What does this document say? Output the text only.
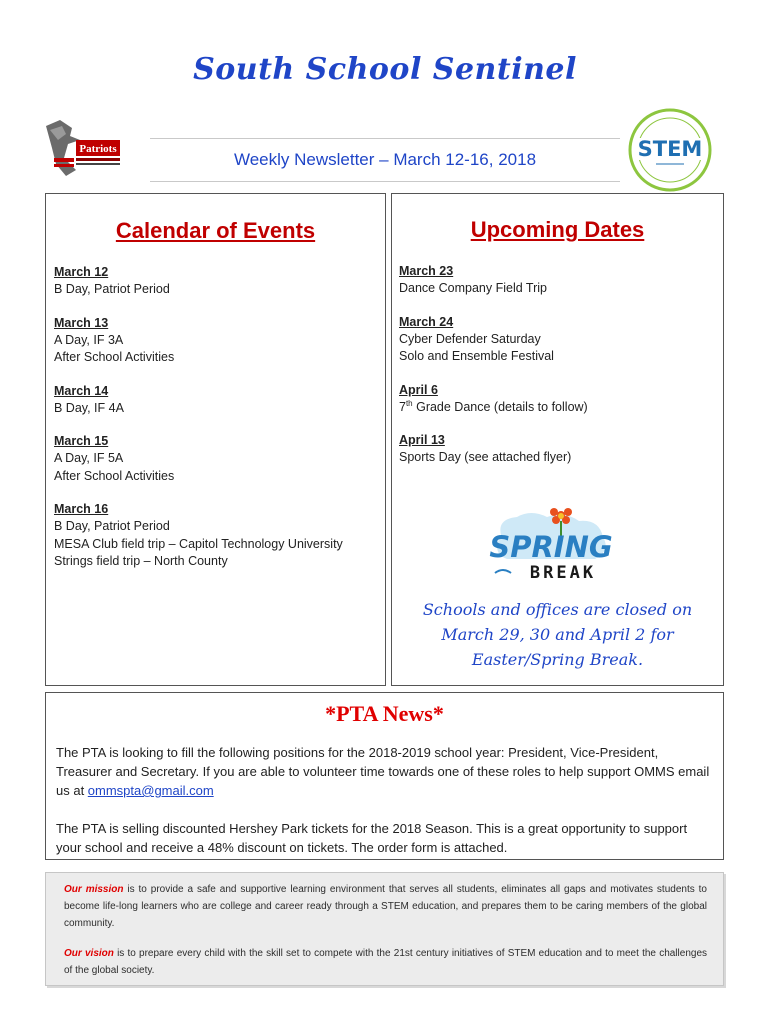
South School Sentinel
Patriots	STEM
Weekly Newsletter – March 12-16, 2018
Calendar of Events
March 12
B Day, Patriot Period
March 13
A Day, IF 3A
After School Activities
March 14
B Day, IF 4A
March 15
A Day, IF 5A
After School Activities
March 16
B Day, Patriot Period
MESA Club field trip – Capitol Technology University
Strings field trip – North County
Upcoming Dates
March 23
Dance Company Field Trip
March 24
Cyber Defender Saturday
Solo and Ensemble Festival
April 6
7th Grade Dance (details to follow)
April 13
Sports Day (see attached flyer)
SPRING
BREAK
Schools and offices are closed on
March 29, 30 and April 2 for
Easter/Spring Break.
*PTA News*

The PTA is looking to fill the following positions for the 2018-2019 school year: President, Vice-President, Treasurer and Secretary. If you are able to volunteer time towards one of these roles to help support OMMS email us at ommspta@gmail.com

The PTA is selling discounted Hershey Park tickets for the 2018 Season. This is a great opportunity to support your school and receive a 48% discount on tickets. The order form is attached.

Our mission is to provide a safe and supportive learning environment that serves all students, eliminates all gaps and motivates students to become life-long learners who are college and career ready through a STEM education, and prepares them to be caring members of the global community.

Our vision is to prepare every child with the skill set to compete with the 21st century initiatives of STEM education and to meet the challenges of the global society.
